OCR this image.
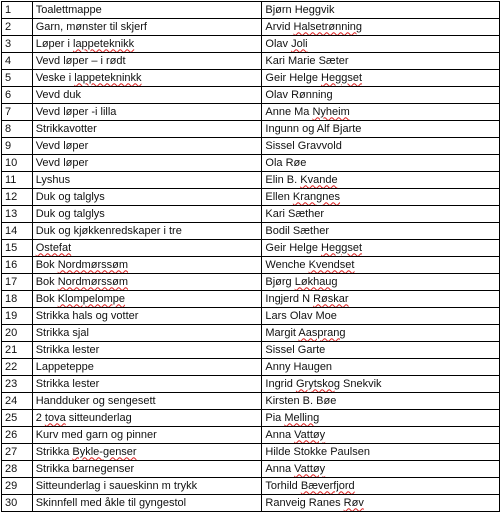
1	Toalettmappe	Bjørn Heggvik
2	Garn, mønster til skjerf	Arvid Halsetrønning
3	Løper i lappeteknikk	Olav Joli
4	Vevd løper – i rødt	Kari Marie Sæter
5	Veske i lappetekninkk	Geir Helge Heggset
6	Vevd duk	Olav Rønning
7	Vevd løper -i lilla	Anne Ma Nyheim
8	Strikkavotter	Ingunn og Alf Bjarte
9	Vevd løper	Sissel Gravvold
10	Vevd løper	Ola Røe
11	Lyshus	Elin B. Kvande
12	Duk og talglys	Ellen Krangnes
13	Duk og talglys	Kari Sæther
14	Duk og kjøkkenredskaper i tre	Bodil Sæther
15	Ostefat	Geir Helge Heggset
16	Bok Nordmørssøm	Wenche Kvendset
17	Bok Nordmørssøm	Bjørg Løkhaug
18	Bok Klompelompe	Ingjerd N Røskar
19	Strikka hals og votter	Lars Olav Moe
20	Strikka sjal	Margit Aasprang
21	Strikka lester	Sissel Garte
22	Lappeteppe	Anny Haugen
23	Strikka lester	Ingrid Grytskog Snekvik
24	Handduker og sengesett	Kirsten B. Bøe
25	2 tova sitteunderlag	Pia Melling
26	Kurv med garn og pinner	Anna Vattøy
27	Strikka Bykle-genser	Hilde Stokke Paulsen
28	Strikka barnegenser	Anna Vattøy
29	Sitteunderlag i saueskinn m trykk	Torhild Bæverfjord
30	Skinnfell med åkle til gyngestol	Ranveig Ranes Røv
